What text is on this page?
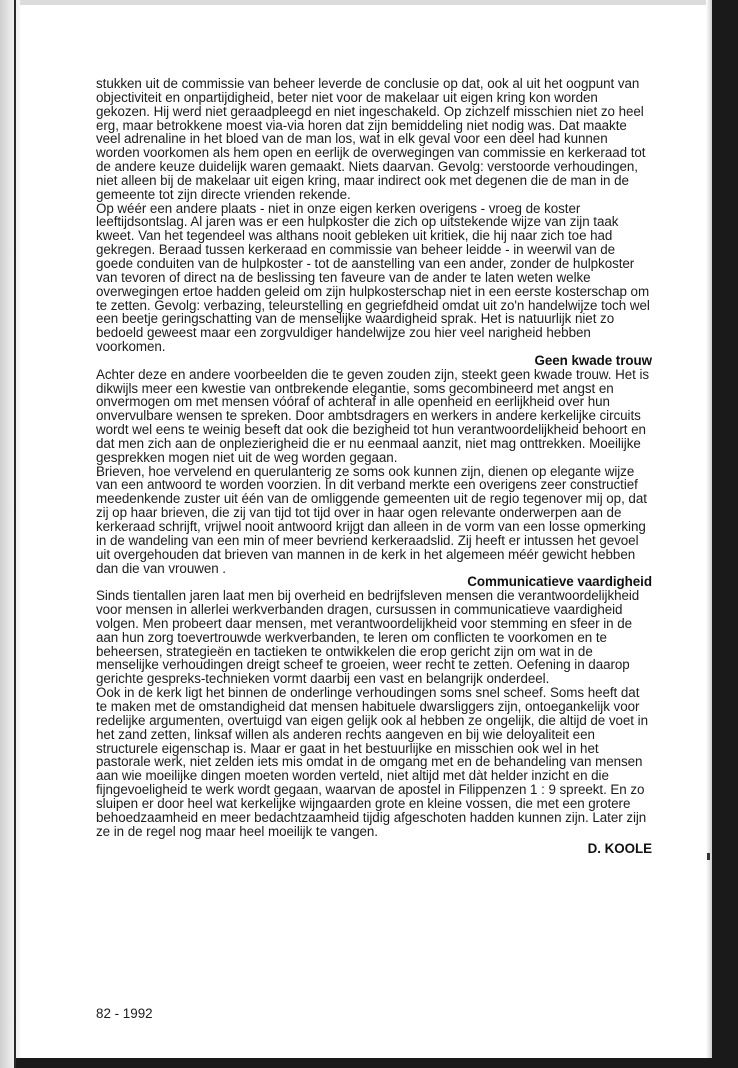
stukken uit de commissie van beheer leverde de conclusie op dat, ook al uit het oogpunt van objectiviteit en onpartijdigheid, beter niet voor de makelaar uit eigen kring kon worden gekozen. Hij werd niet geraadpleegd en niet ingeschakeld. Op zichzelf misschien niet zo heel erg, maar betrokkene moest via-via horen dat zijn bemiddeling niet nodig was. Dat maakte veel adrenaline in het bloed van de man los, wat in elk geval voor een deel had kunnen worden voorkomen als hem open en eerlijk de overwegingen van commissie en kerkeraad tot de andere keuze duidelijk waren gemaakt. Niets daarvan. Gevolg: verstoorde verhoudingen, niet alleen bij de makelaar uit eigen kring, maar indirect ook met degenen die de man in de gemeente tot zijn directe vrienden rekende.

Op wéér een andere plaats - niet in onze eigen kerken overigens - vroeg de koster leeftijdsontslag. Al jaren was er een hulpkoster die zich op uitstekende wijze van zijn taak kweet. Van het tegendeel was althans nooit gebleken uit kritiek, die hij naar zich toe had gekregen. Beraad tussen kerkeraad en commissie van beheer leidde - in weerwil van de goede conduiten van de hulpkoster - tot de aanstelling van een ander, zonder de hulpkoster van tevoren of direct na de beslissing ten faveure van de ander te laten weten welke overwegingen ertoe hadden geleid om zijn hulpkosterschap niet in een eerste kosterschap om te zetten. Gevolg: verbazing, teleurstelling en gegriefdheid omdat uit zo'n handelwijze toch wel een beetje geringschatting van de menselijke waardigheid sprak. Het is natuurlijk niet zo bedoeld geweest maar een zorgvuldiger handelwijze zou hier veel narigheid hebben voorkomen.

Geen kwade trouw

Achter deze en andere voorbeelden die te geven zouden zijn, steekt geen kwade trouw. Het is dikwijls meer een kwestie van ontbrekende elegantie, soms gecombineerd met angst en onvermogen om met mensen vóóraf of achteraf in alle openheid en eerlijkheid over hun onvervulbare wensen te spreken. Door ambtsdragers en werkers in andere kerkelijke circuits wordt wel eens te weinig beseft dat ook die bezigheid tot hun verantwoordelijkheid behoort en dat men zich aan de onplezierigheid die er nu eenmaal aanzit, niet mag onttrekken. Moeilijke gesprekken mogen niet uit de weg worden gegaan.

Brieven, hoe vervelend en querulanterig ze soms ook kunnen zijn, dienen op elegante wijze van een antwoord te worden voorzien. In dit verband merkte een overigens zeer constructief meedenkende zuster uit één van de omliggende gemeenten uit de regio tegenover mij op, dat zij op haar brieven, die zij van tijd tot tijd over in haar ogen relevante onderwerpen aan de kerkeraad schrijft, vrijwel nooit antwoord krijgt dan alleen in de vorm van een losse opmerking in de wandeling van een min of meer bevriend kerkeraadslid. Zij heeft er intussen het gevoel uit overgehouden dat brieven van mannen in de kerk in het algemeen méér gewicht hebben dan die van vrouwen .

Communicatieve vaardigheid

Sinds tientallen jaren laat men bij overheid en bedrijfsleven mensen die verantwoordelijkheid voor mensen in allerlei werkverbanden dragen, cursussen in communicatieve vaardigheid volgen. Men probeert daar mensen, met verantwoordelijkheid voor stemming en sfeer in de aan hun zorg toevertrouwde werkverbanden, te leren om conflicten te voorkomen en te beheersen, strategieën en tactieken te ontwikkelen die erop gericht zijn om wat in de menselijke verhoudingen dreigt scheef te groeien, weer recht te zetten. Oefening in daarop gerichte gespreks-technieken vormt daarbij een vast en belangrijk onderdeel.

Ook in de kerk ligt het binnen de onderlinge verhoudingen soms snel scheef. Soms heeft dat te maken met de omstandigheid dat mensen habituele dwarsliggers zijn, ontoegankelijk voor redelijke argumenten, overtuigd van eigen gelijk ook al hebben ze ongelijk, die altijd de voet in het zand zetten, linksaf willen als anderen rechts aangeven en bij wie deloyaliteit een structurele eigenschap is. Maar er gaat in het bestuurlijke en misschien ook wel in het pastorale werk, niet zelden iets mis omdat in de omgang met en de behandeling van mensen aan wie moeilijke dingen moeten worden verteld, niet altijd met dàt helder inzicht en die fijngevoeligheid te werk wordt gegaan, waarvan de apostel in Filippenzen 1 : 9 spreekt. En zo sluipen er door heel wat kerkelijke wijngaarden grote en kleine vossen, die met een grotere behoedzaamheid en meer bedachtzaamheid tijdig afgeschoten hadden kunnen zijn. Later zijn ze in de regel nog maar heel moeilijk te vangen.

D. KOOLE
82 - 1992
